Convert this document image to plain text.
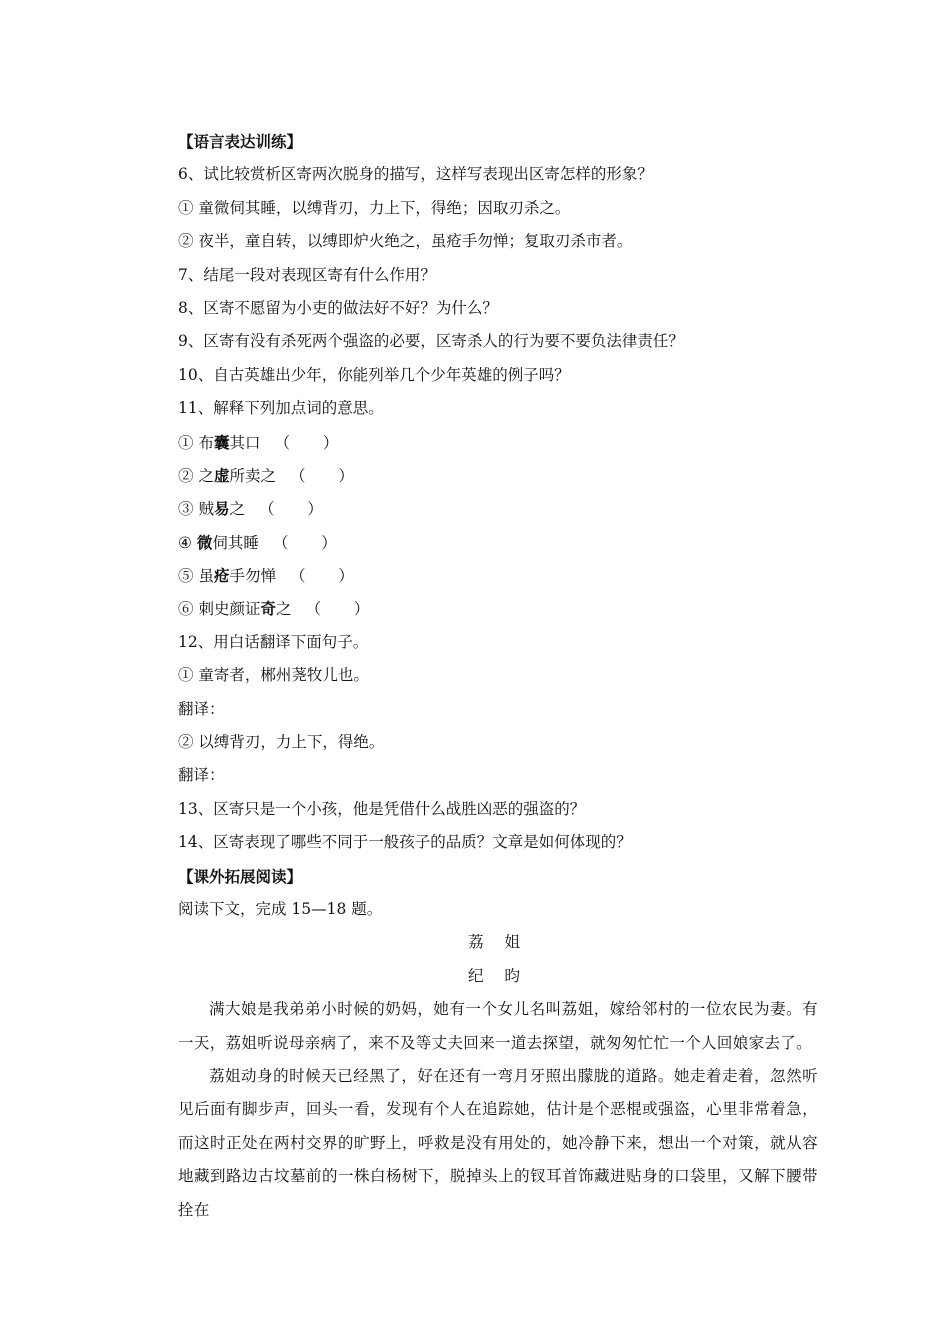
【语言表达训练】
6、试比较赏析区寄两次脱身的描写，这样写表现出区寄怎样的形象？
① 童微伺其睡，以缚背刃，力上下，得绝；因取刃杀之。
② 夜半，童自转，以缚即炉火绝之，虽疮手勿惮；复取刃杀市者。
7、结尾一段对表现区寄有什么作用？
8、区寄不愿留为小吏的做法好不好？为什么？
9、区寄有没有杀死两个强盗的必要，区寄杀人的行为要不要负法律责任？
10、自古英雄出少年，你能列举几个少年英雄的例子吗？
11、解释下列加点词的意思。
① 布囊其口 （ ）
② 之虚所卖之 （ ）
③ 贼易之 （ ）
④ 微伺其睡 （ ）
⑤ 虽疮手勿惮 （ ）
⑥ 刺史颜证奇之 （ ）
12、用白话翻译下面句子。
① 童寄者，郴州荛牧儿也。
翻译：
② 以缚背刃，力上下，得绝。
翻译：
13、区寄只是一个小孩，他是凭借什么战胜凶恶的强盗的？
14、区寄表现了哪些不同于一般孩子的品质？文章是如何体现的？
【课外拓展阅读】
阅读下文，完成 15—18 题。
荔 姐
纪 昀
满大娘是我弟弟小时候的奶妈，她有一个女儿名叫荔姐，嫁给邻村的一位农民为妻。有一天，荔姐听说母亲病了，来不及等丈夫回来一道去探望，就匆匆忙忙一个人回娘家去了。
荔姐动身的时候天已经黑了，好在还有一弯月牙照出朦胧的道路。她走着走着，忽然听见后面有脚步声，回头一看，发现有个人在追踪她，估计是个恶棍或强盗，心里非常着急，而这时正处在两村交界的旷野上，呼救是没有用处的，她冷静下来，想出一个对策，就从容地藏到路边古坟墓前的一株白杨树下，脱掉头上的钗耳首饰藏进贴身的口袋里，又解下腰带拴在
